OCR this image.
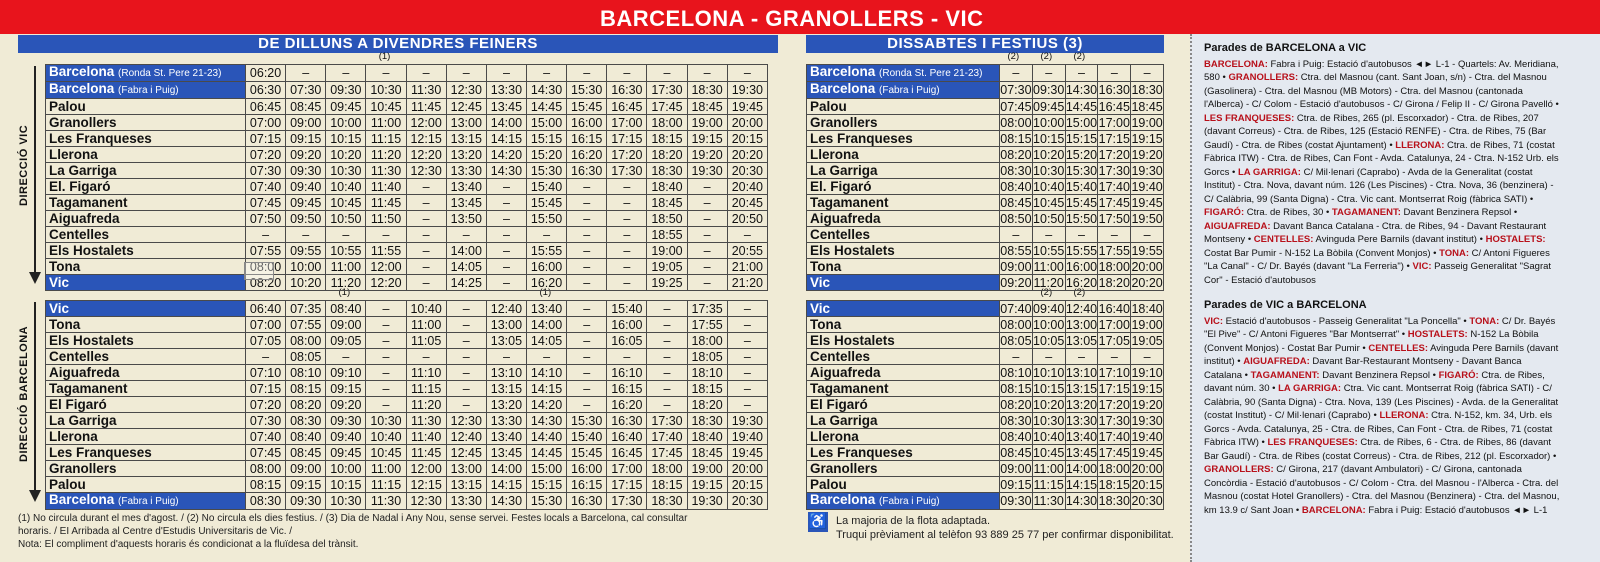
BARCELONA - GRANOLLERS - VIC
DE DILLUNS A DIVENDRES FEINERS	DISSABTES I FESTIUS (3)
(1)
(1)	(1)
(2) (2) (2)
(2) (2)
DIRECCIÓ VIC
DIRECCIÓ BARCELONA
Barcelona (Ronda St. Pere 21-23)	06:20	–	–	–	–	–	–	–	–	–	–	–	–
Barcelona (Fabra i Puig)	06:30	07:30	09:30	10:30	11:30	12:30	13:30	14:30	15:30	16:30	17:30	18:30	19:30
Palou	06:45	08:45	09:45	10:45	11:45	12:45	13:45	14:45	15:45	16:45	17:45	18:45	19:45
Granollers	07:00	09:00	10:00	11:00	12:00	13:00	14:00	15:00	16:00	17:00	18:00	19:00	20:00
Les Franqueses	07:15	09:15	10:15	11:15	12:15	13:15	14:15	15:15	16:15	17:15	18:15	19:15	20:15
Llerona	07:20	09:20	10:20	11:20	12:20	13:20	14:20	15:20	16:20	17:20	18:20	19:20	20:20
La Garriga	07:30	09:30	10:30	11:30	12:30	13:30	14:30	15:30	16:30	17:30	18:30	19:30	20:30
El. Figaró	07:40	09:40	10:40	11:40	–	13:40	–	15:40	–	–	18:40	–	20:40
Tagamanent	07:45	09:45	10:45	11:45	–	13:45	–	15:45	–	–	18:45	–	20:45
Aiguafreda	07:50	09:50	10:50	11:50	–	13:50	–	15:50	–	–	18:50	–	20:50
Centelles	–	–	–	–	–	–	–	–	–	–	18:55	–	–
Els Hostalets	07:55	09:55	10:55	11:55	–	14:00	–	15:55	–	–	19:00	–	20:55
Tona	08:00	10:00	11:00	12:00	–	14:05	–	16:00	–	–	19:05	–	21:00
Vic	08:20	10:20	11:20	12:20	–	14:25	–	16:20	–	–	19:25	–	21:20
Vic	06:40	07:35	08:40	–	10:40	–	12:40	13:40	–	15:40	–	17:35	–
Tona	07:00	07:55	09:00	–	11:00	–	13:00	14:00	–	16:00	–	17:55	–
Els Hostalets	07:05	08:00	09:05	–	11:05	–	13:05	14:05	–	16:05	–	18:00	–
Centelles	–	08:05	–	–	–	–	–	–	–	–	–	18:05	–
Aiguafreda	07:10	08:10	09:10	–	11:10	–	13:10	14:10	–	16:10	–	18:10	–
Tagamanent	07:15	08:15	09:15	–	11:15	–	13:15	14:15	–	16:15	–	18:15	–
El Figaró	07:20	08:20	09:20	–	11:20	–	13:20	14:20	–	16:20	–	18:20	–
La Garriga	07:30	08:30	09:30	10:30	11:30	12:30	13:30	14:30	15:30	16:30	17:30	18:30	19:30
Llerona	07:40	08:40	09:40	10:40	11:40	12:40	13:40	14:40	15:40	16:40	17:40	18:40	19:40
Les Franqueses	07:45	08:45	09:45	10:45	11:45	12:45	13:45	14:45	15:45	16:45	17:45	18:45	19:45
Granollers	08:00	09:00	10:00	11:00	12:00	13:00	14:00	15:00	16:00	17:00	18:00	19:00	20:00
Palou	08:15	09:15	10:15	11:15	12:15	13:15	14:15	15:15	16:15	17:15	18:15	19:15	20:15
Barcelona (Fabra i Puig)	08:30	09:30	10:30	11:30	12:30	13:30	14:30	15:30	16:30	17:30	18:30	19:30	20:30
Barcelona (Ronda St. Pere 21-23)	–	–	–	–	–
Barcelona (Fabra i Puig)	07:30	09:30	14:30	16:30	18:30
Palou	07:45	09:45	14:45	16:45	18:45
Granollers	08:00	10:00	15:00	17:00	19:00
Les Franqueses	08:15	10:15	15:15	17:15	19:15
Llerona	08:20	10:20	15:20	17:20	19:20
La Garriga	08:30	10:30	15:30	17:30	19:30
El. Figaró	08:40	10:40	15:40	17:40	19:40
Tagamanent	08:45	10:45	15:45	17:45	19:45
Aiguafreda	08:50	10:50	15:50	17:50	19:50
Centelles	–	–	–	–	–
Els Hostalets	08:55	10:55	15:55	17:55	19:55
Tona	09:00	11:00	16:00	18:00	20:00
Vic	09:20	11:20	16:20	18:20	20:20
Vic	07:40	09:40	12:40	16:40	18:40
Tona	08:00	10:00	13:00	17:00	19:00
Els Hostalets	08:05	10:05	13:05	17:05	19:05
Centelles	–	–	–	–	–
Aiguafreda	08:10	10:10	13:10	17:10	19:10
Tagamanent	08:15	10:15	13:15	17:15	19:15
El Figaró	08:20	10:20	13:20	17:20	19:20
La Garriga	08:30	10:30	13:30	17:30	19:30
Llerona	08:40	10:40	13:40	17:40	19:40
Les Franqueses	08:45	10:45	13:45	17:45	19:45
Granollers	09:00	11:00	14:00	18:00	20:00
Palou	09:15	11:15	14:15	18:15	20:15
Barcelona (Fabra i Puig)	09:30	11:30	14:30	18:30	20:30
(1) No circula durant el mes d'agost. / (2) No circula els dies festius. / (3) Dia de Nadal i Any Nou, sense servei. Festes locals a Barcelona, cal consultar
horaris. / EI Arribada al Centre d'Estudis Universitaris de Vic. /
Nota: El compliment d'aquests horaris és condicionat a la fluïdesa del trànsit.
♿ La majoria de la flota adaptada.
Truqui prèviament al telèfon 93 889 25 77 per confirmar disponibilitat.
Parades de BARCELONA a VIC
BARCELONA: Fabra i Puig: Estació d'autobusos ◄► L-1 - Quartels: Av. Meridiana, 580 • GRANOLLERS: Ctra. del Masnou (cant. Sant Joan, s/n) - Ctra. del Masnou (Gasolinera) - Ctra. del Masnou (MB Motors) - Ctra. del Masnou (cantonada l'Alberca) - C/ Colom - Estació d'autobusos - C/ Girona / Felip II - C/ Girona Pavelló • LES FRANQUESES: Ctra. de Ribes, 265 (pl. Escorxador) - Ctra. de Ribes, 207 (davant Correus) - Ctra. de Ribes, 125 (Estació RENFE) - Ctra. de Ribes, 75 (Bar Gaudí) - Ctra. de Ribes (costat Ajuntament) • LLERONA: Ctra. de Ribes, 71 (costat Fàbrica ITW) - Ctra. de Ribes, Can Font - Avda. Catalunya, 24 - Ctra. N-152 Urb. els Gorcs • LA GARRIGA: C/ Mil·lenari (Caprabo) - Avda de la Generalitat (costat Institut) - Ctra. Nova, davant núm. 126 (Les Piscines) - Ctra. Nova, 36 (benzinera) - C/ Calàbria, 99 (Santa Digna) - Ctra. Vic cant. Montserrat Roig (fàbrica SATI) • FIGARÓ: Ctra. de Ribes, 30 • TAGAMANENT: Davant Benzinera Repsol • AIGUAFREDA: Davant Banca Catalana - Ctra. de Ribes, 94 - Davant Restaurant Montseny • CENTELLES: Avinguda Pere Barnils (davant institut) • HOSTALETS: Costat Bar Pumir - N-152 La Bòbila (Convent Monjos) • TONA: C/ Antoni Figueres "La Canal" - C/ Dr. Bayés (davant "La Ferreria") • VIC: Passeig Generalitat "Sagrat Cor" - Estació d'autobusos
Parades de VIC a BARCELONA
VIC: Estació d'autobusos - Passeig Generalitat "La Poncella" • TONA: C/ Dr. Bayés "El Pive" - C/ Antoni Figueres "Bar Montserrat" • HOSTALETS: N-152 La Bòbila (Convent Monjos) - Costat Bar Pumir • CENTELLES: Avinguda Pere Barnils (davant institut) • AIGUAFREDA: Davant Bar-Restaurant Montseny - Davant Banca Catalana • TAGAMANENT: Davant Benzinera Repsol • FIGARÓ: Ctra. de Ribes, davant núm. 30 • LA GARRIGA: Ctra. Vic cant. Montserrat Roig (fàbrica SATI) - C/ Calàbria, 90 (Santa Digna) - Ctra. Nova, 139 (Les Piscines) - Avda. de la Generalitat (costat Institut) - C/ Mil·lenari (Caprabo) • LLERONA: Ctra. N-152, km. 34, Urb. els Gorcs - Avda. Catalunya, 25 - Ctra. de Ribes, Can Font - Ctra. de Ribes, 71 (costat Fàbrica ITW) • LES FRANQUESES: Ctra. de Ribes, 6 - Ctra. de Ribes, 86 (davant Bar Gaudí) - Ctra. de Ribes (costat Correus) - Ctra. de Ribes, 212 (pl. Escorxador) • GRANOLLERS: C/ Girona, 217 (davant Ambulatori) - C/ Girona, cantonada Concòrdia - Estació d'autobusos - C/ Colom - Ctra. del Masnou - l'Alberca - Ctra. del Masnou (costat Hotel Granollers) - Ctra. del Masnou (Benzinera) - Ctra. del Masnou, km 13.9 c/ Sant Joan • BARCELONA: Fabra i Puig: Estació d'autobusos ◄► L-1
